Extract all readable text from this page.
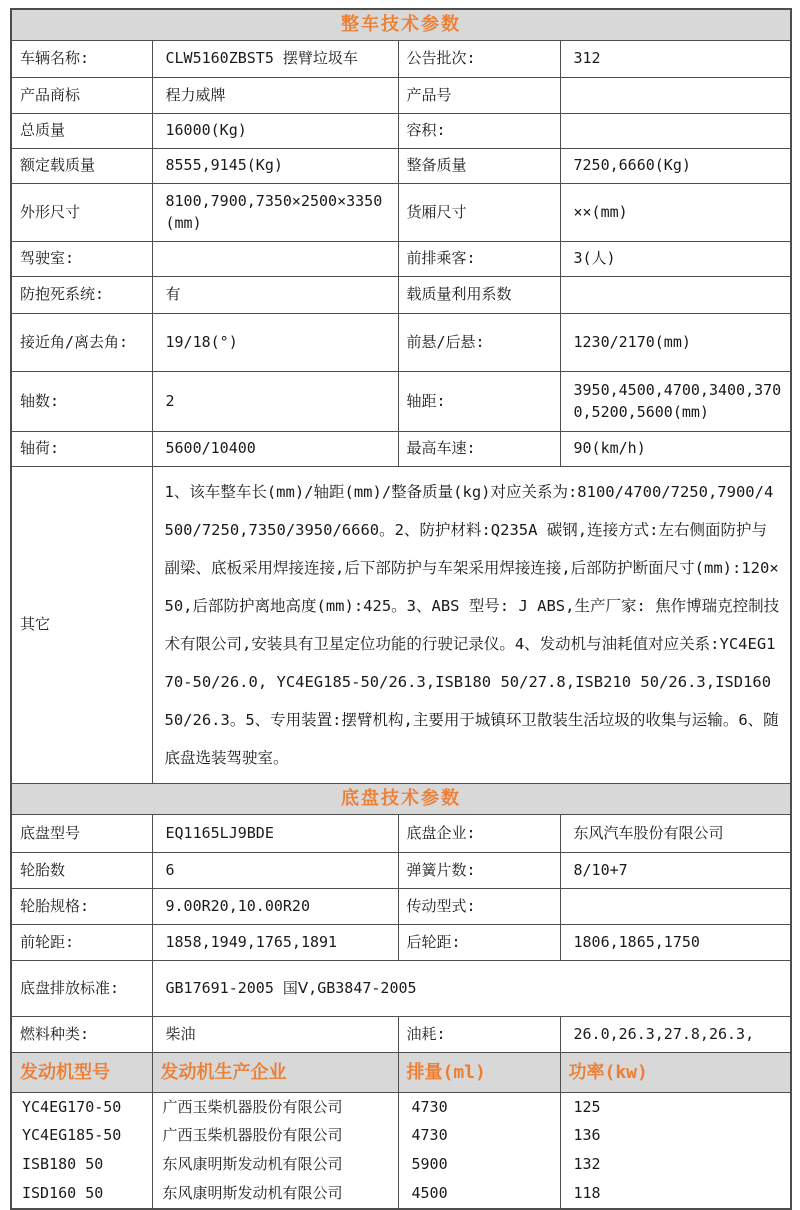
整车技术参数			
车辆名称:	CLW5160ZBST5 摆臂垃圾车	公告批次:	312
产品商标	程力威牌	产品号	
总质量	16000(Kg)	容积:	
额定载质量	8555,9145(Kg)	整备质量	7250,6660(Kg)
外形尺寸	8100,7900,7350×2500×3350(mm)	货厢尺寸	××(mm)
驾驶室:		前排乘客:	3(人)
防抱死系统:	有	载质量利用系数	
接近角/离去角:	19/18(°)	前悬/后悬:	1230/2170(mm)
轴数:	2	轴距:	3950,4500,4700,3400,3700,5200,5600(mm)
轴荷:	5600/10400	最高车速:	90(km/h)
其它	1、该车整车长(mm)/轴距(mm)/整备质量(kg)对应关系为:8100/4700/7250,7900/4500/7250,7350/3950/6660。2、防护材料:Q235A 碳钢,连接方式:左右侧面防护与副梁、底板采用焊接连接,后下部防护与车架采用焊接连接,后部防护断面尺寸(mm):120×50,后部防护离地高度(mm):425。3、ABS 型号: J ABS,生产厂家: 焦作博瑞克控制技术有限公司,安装具有卫星定位功能的行驶记录仪。4、发动机与油耗值对应关系:YC4EG170-50/26.0, YC4EG185-50/26.3,ISB180 50/27.8,ISB210 50/26.3,ISD160 50/26.3。5、专用装置:摆臂机构,主要用于城镇环卫散装生活垃圾的收集与运输。6、随底盘选装驾驶室。		
底盘技术参数			
底盘型号	EQ1165LJ9BDE	底盘企业:	东风汽车股份有限公司
轮胎数	6	弹簧片数:	8/10+7
轮胎规格:	9.00R20,10.00R20	传动型式:	
前轮距:	1858,1949,1765,1891	后轮距:	1806,1865,1750
底盘排放标准:	GB17691-2005 国Ⅴ,GB3847-2005		
燃料种类:	柴油	油耗:	26.0,26.3,27.8,26.3,
发动机型号	发动机生产企业	排量(ml)	功率(kw)
YC4EG170-50	广西玉柴机器股份有限公司	4730	125
YC4EG185-50	广西玉柴机器股份有限公司	4730	136
ISB180 50	东风康明斯发动机有限公司	5900	132
ISD160 50	东风康明斯发动机有限公司	4500	118
